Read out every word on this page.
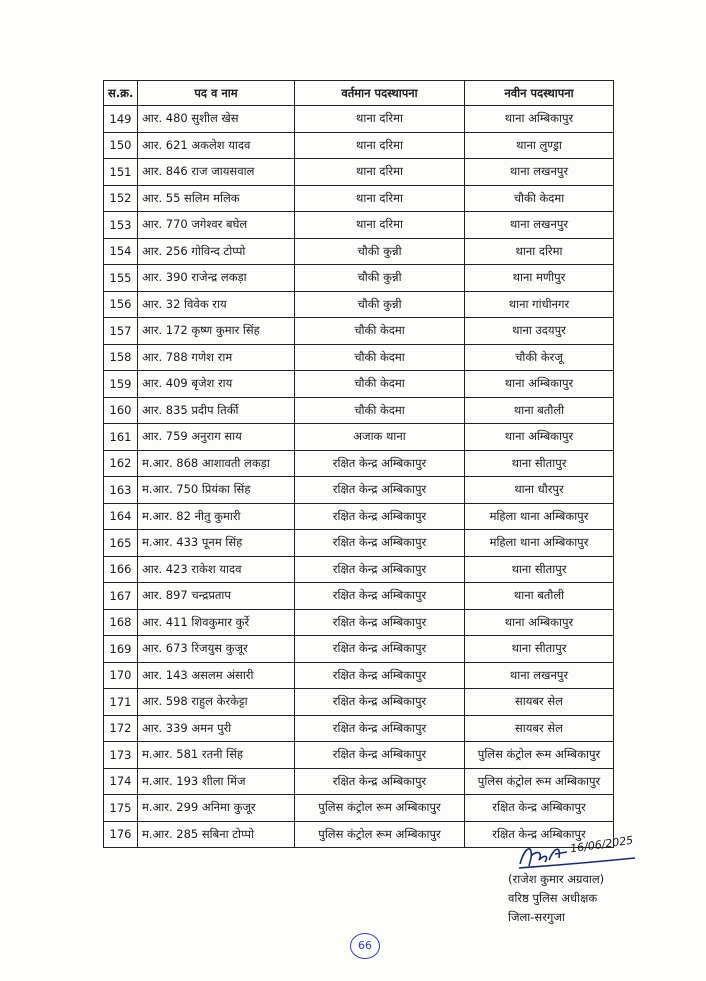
स.क्र.	पद व नाम	वर्तमान पदस्थापना	नवीन पदस्थापना
149	आर. 480 सुशील खेस	थाना दरिमा	थाना अम्बिकापुर
150	आर. 621 अकलेश यादव	थाना दरिमा	थाना लुण्ड्रा
151	आर. 846 राज जायसवाल	थाना दरिमा	थाना लखनपुर
152	आर. 55 सलिम मलिक	थाना दरिमा	चौकी केदमा
153	आर. 770 जगेश्वर बघेल	थाना दरिमा	थाना लखनपुर
154	आर. 256 गोविन्द टोप्पो	चौकी कुन्नी	थाना दरिमा
155	आर. 390 राजेन्द्र लकड़ा	चौकी कुन्नी	थाना मणीपुर
156	आर. 32 विवेक राय	चौकी कुन्नी	थाना गांधीनगर
157	आर. 172 कृष्ण कुमार सिंह	चौकी केदमा	थाना उदयपुर
158	आर. 788 गणेश राम	चौकी केदमा	चौकी केरजू
159	आर. 409 बृजेश राय	चौकी केदमा	थाना अम्बिकापुर
160	आर. 835 प्रदीप तिर्की	चौकी केदमा	थाना बतौली
161	आर. 759 अनुराग साय	अजाक थाना	थाना अम्बिकापुर
162	म.आर. 868 आशावती लकड़ा	रक्षित केन्द्र अम्बिकापुर	थाना सीतापुर
163	म.आर. 750 प्रियंका सिंह	रक्षित केन्द्र अम्बिकापुर	थाना धौरपुर
164	म.आर. 82 नीतु कुमारी	रक्षित केन्द्र अम्बिकापुर	महिला थाना अम्बिकापुर
165	म.आर. 433 पूनम सिंह	रक्षित केन्द्र अम्बिकापुर	महिला थाना अम्बिकापुर
166	आर. 423 राकेश यादव	रक्षित केन्द्र अम्बिकापुर	थाना सीतापुर
167	आर. 897 चन्द्रप्रताप	रक्षित केन्द्र अम्बिकापुर	थाना बतौली
168	आर. 411 शिवकुमार कुर्रे	रक्षित केन्द्र अम्बिकापुर	थाना अम्बिकापुर
169	आर. 673 रिजयुस कुजूर	रक्षित केन्द्र अम्बिकापुर	थाना सीतापुर
170	आर. 143 असलम अंसारी	रक्षित केन्द्र अम्बिकापुर	थाना लखनपुर
171	आर. 598 राहुल केरकेट्टा	रक्षित केन्द्र अम्बिकापुर	सायबर सेल
172	आर. 339 अमन पुरी	रक्षित केन्द्र अम्बिकापुर	सायबर सेल
173	म.आर. 581 रतनी सिंह	रक्षित केन्द्र अम्बिकापुर	पुलिस कंट्रोल रूम अम्बिकापुर
174	म.आर. 193 शीला मिंज	रक्षित केन्द्र अम्बिकापुर	पुलिस कंट्रोल रूम अम्बिकापुर
175	म.आर. 299 अनिमा कुजूर	पुलिस कंट्रोल रूम अम्बिकापुर	रक्षित केन्द्र अम्बिकापुर
176	म.आर. 285 सबिना टोप्पो	पुलिस कंट्रोल रूम अम्बिकापुर	रक्षित केन्द्र अम्बिकापुर
16/06/2025
(राजेश कुमार अग्रवाल)
वरिष्ठ पुलिस अधीक्षक
जिला-सरगुजा
66
